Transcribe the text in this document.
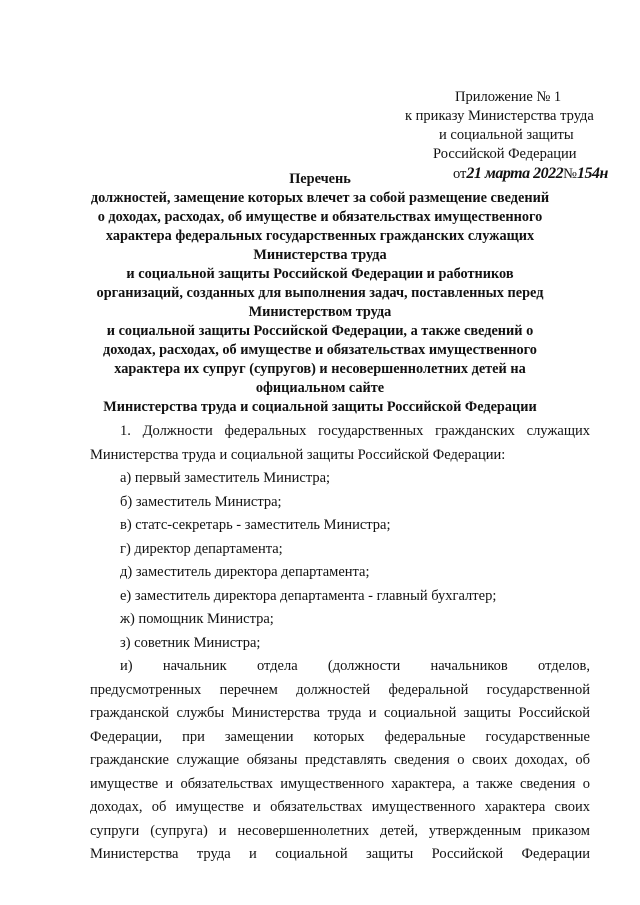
Приложение № 1
к приказу Министерства труда
и социальной защиты
Российской Федерации
от21 марта 2022№154н
Перечень
должностей, замещение которых влечет за собой размещение сведений
о доходах, расходах, об имуществе и обязательствах имущественного
характера федеральных государственных гражданских служащих
Министерства труда
и социальной защиты Российской Федерации и работников
организаций, созданных для выполнения задач, поставленных перед
Министерством труда
и социальной защиты Российской Федерации, а также сведений о
доходах, расходах, об имуществе и обязательствах имущественного
характера их супруг (супругов) и несовершеннолетних детей на
официальном сайте
Министерства труда и социальной защиты Российской Федерации
1. Должности федеральных государственных гражданских служащих
Министерства труда и социальной защиты Российской Федерации:
а) первый заместитель Министра;
б) заместитель Министра;
в) статс-секретарь - заместитель Министра;
г) директор департамента;
д) заместитель директора департамента;
е) заместитель директора департамента - главный бухгалтер;
ж) помощник Министра;
з) советник Министра;
и) начальник отдела (должности начальников отделов,
предусмотренных перечнем должностей федеральной государственной
гражданской службы Министерства труда и социальной защиты Российской
Федерации, при замещении которых федеральные государственные
гражданские служащие обязаны представлять сведения о своих доходах, об
имуществе и обязательствах имущественного характера, а также сведения о
доходах, об имуществе и обязательствах имущественного характера своих
супруги (супруга) и несовершеннолетних детей, утвержденным приказом
Министерства труда и социальной защиты Российской Федерации
